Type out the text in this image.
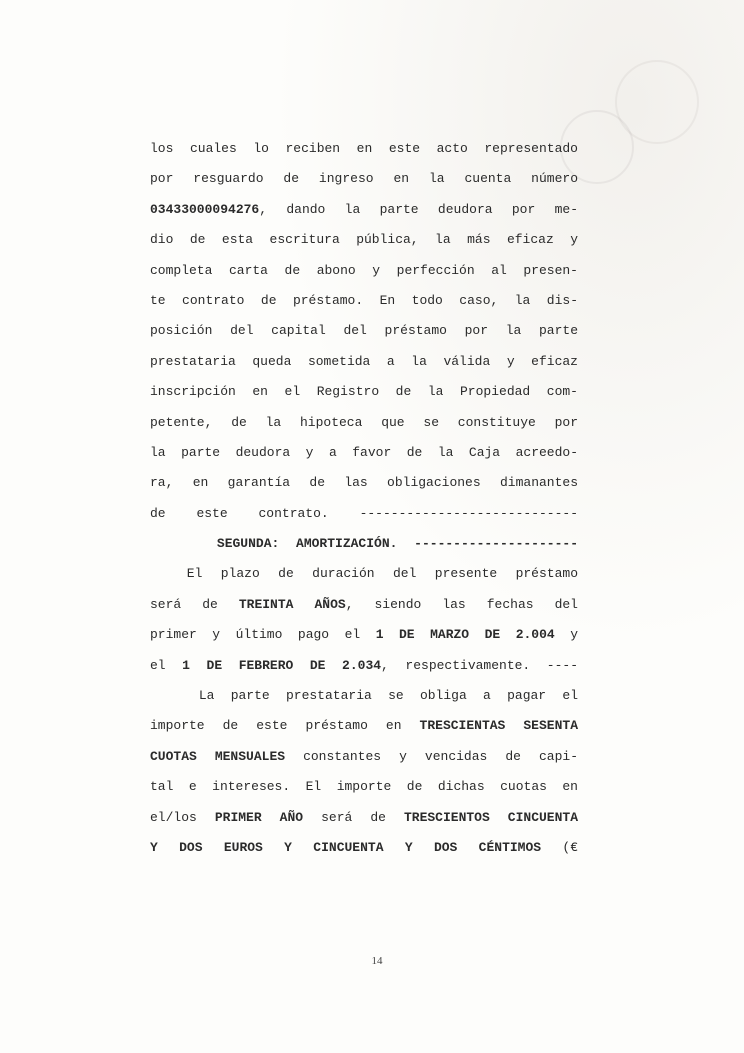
los cuales lo reciben en este acto representado
por resguardo de ingreso en la cuenta número
03433000094276, dando la parte deudora por me-
dio de esta escritura pública, la más eficaz y
completa carta de abono y perfección al presen-
te contrato de préstamo. En todo caso, la dis-
posición del capital del préstamo por la parte
prestataria queda sometida a la válida y eficaz
inscripción en el Registro de la Propiedad com-
petente, de la hipoteca que se constituye por
la parte deudora y a favor de la Caja acreedo-
ra, en garantía de las obligaciones dimanantes
de este contrato. ----------------------------
SEGUNDA: AMORTIZACIÓN. ---------------------
El plazo de duración del presente préstamo
será de TREINTA AÑOS, siendo las fechas del
primer y último pago el 1 DE MARZO DE 2.004 y
el 1 DE FEBRERO DE 2.034, respectivamente. ----
La parte prestataria se obliga a pagar el
importe de este préstamo en TRESCIENTAS SESENTA
CUOTAS MENSUALES constantes y vencidas de capi-
tal e intereses. El importe de dichas cuotas en
el/los PRIMER AÑO será de TRESCIENTOS CINCUENTA
Y DOS EUROS Y CINCUENTA Y DOS CÉNTIMOS (€
14
